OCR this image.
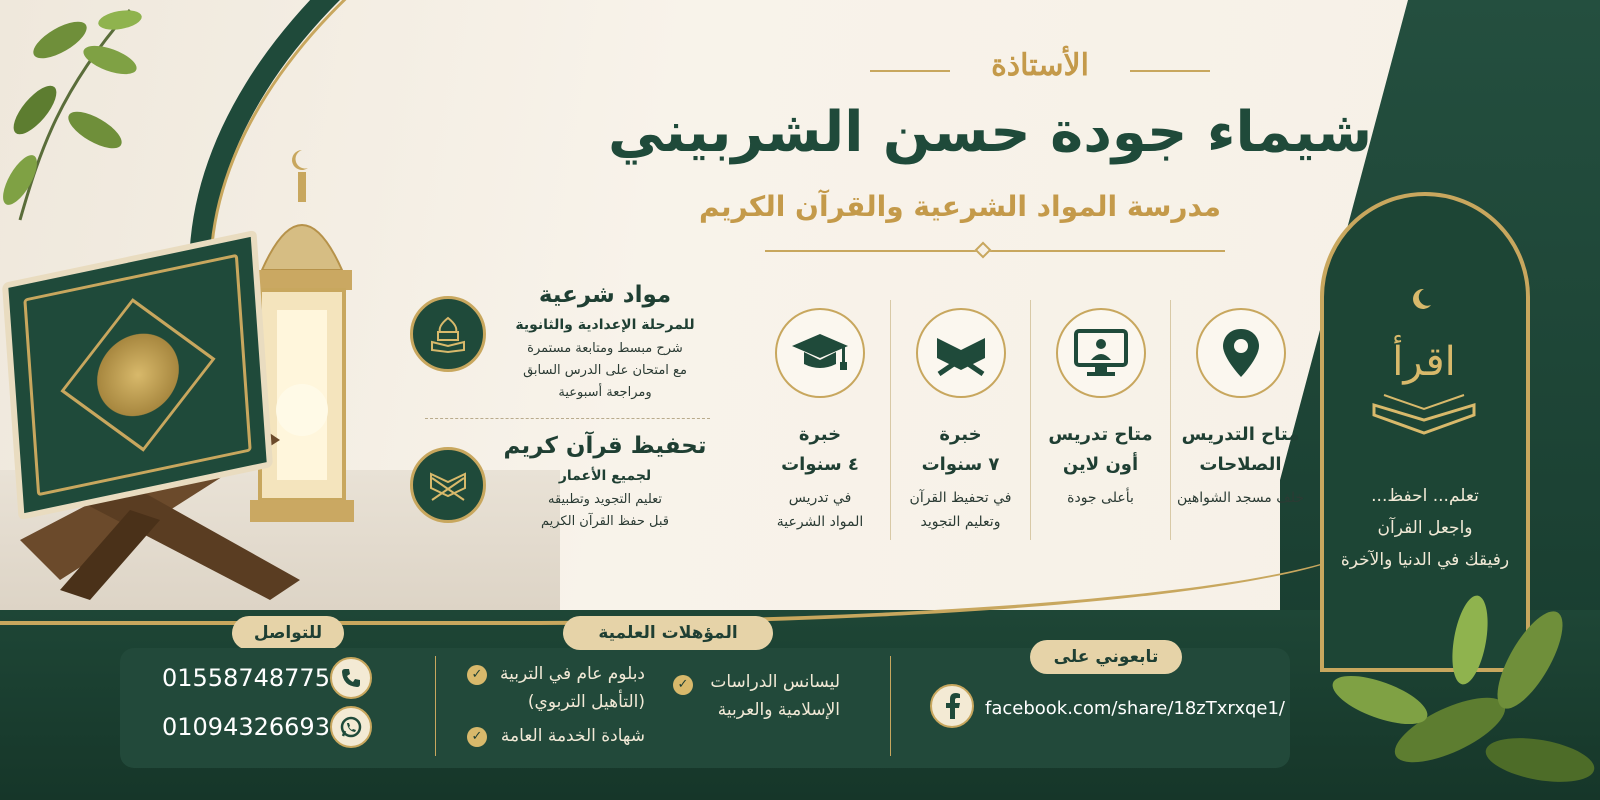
الأستاذة
شيماء جودة حسن الشربيني
مدرسة المواد الشرعية والقرآن الكريم
متاح التدريس
الصلاحات
خلف مسجد الشواهين
متاح تدريس
أون لاين
بأعلى جودة
خبرة
٧ سنوات
في تحفيظ القرآن
وتعليم التجويد
خبرة
٤ سنوات
في تدريس
المواد الشرعية
مواد شرعية
للمرحلة الإعدادية والثانوية
شرح مبسط ومتابعة مستمرة
مع امتحان على الدرس السابق
ومراجعة أسبوعية
تحفيظ قرآن كريم
لجميع الأعمار
تعليم التجويد وتطبيقه
قبل حفظ القرآن الكريم
اقرأ
تعلم... احفظ...
واجعل القرآن
رفيقك في الدنيا والآخرة
للتواصل
01558748775
01094326693
المؤهلات العلمية
ليسانس الدراسات
الإسلامية والعربية
✓
دبلوم عام في التربية
(التأهيل التربوي)
✓
شهادة الخدمة العامة
✓
تابعوني على
facebook.com/share/18zTxrxqe1/
